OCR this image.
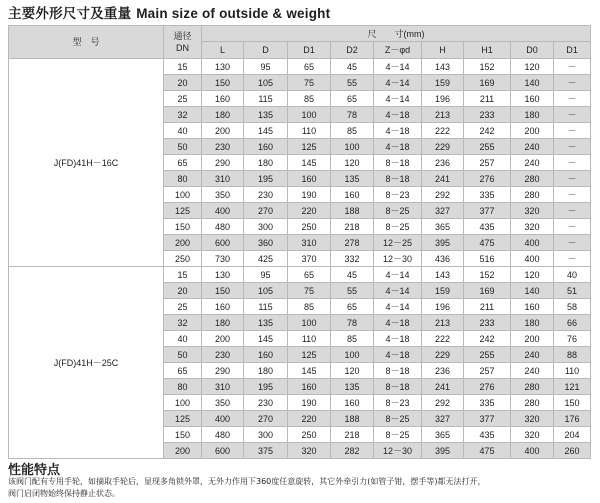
主要外形尺寸及重量 Main size of outside & weight
型　号	通径
DN	尺　　寸(mm)								
		L	D	D1	D2	Z－φd	H	H1	D0	D1
J(FD)41H－16C	15	130	95	65	45	4－14	143	152	120	－
	20	150	105	75	55	4－14	159	169	140	－
	25	160	115	85	65	4－14	196	211	160	－
	32	180	135	100	78	4－18	213	233	180	－
	40	200	145	110	85	4－18	222	242	200	－
	50	230	160	125	100	4－18	229	255	240	－
	65	290	180	145	120	8－18	236	257	240	－
	80	310	195	160	135	8－18	241	276	280	－
	100	350	230	190	160	8－23	292	335	280	－
	125	400	270	220	188	8－25	327	377	320	－
	150	480	300	250	218	8－25	365	435	320	－
	200	600	360	310	278	12－25	395	475	400	－
	250	730	425	370	332	12－30	436	516	400	－
J(FD)41H－25C	15	130	95	65	45	4－14	143	152	120	40
	20	150	105	75	55	4－14	159	169	140	51
	25	160	115	85	65	4－14	196	211	160	58
	32	180	135	100	78	4－18	213	233	180	66
	40	200	145	110	85	4－18	222	242	200	76
	50	230	160	125	100	4－18	229	255	240	88
	65	290	180	145	120	8－18	236	257	240	110
	80	310	195	160	135	8－18	241	276	280	121
	100	350	230	190	160	8－23	292	335	280	150
	125	400	270	220	188	8－25	327	377	320	176
	150	480	300	250	218	8－25	365	435	320	204
	200	600	375	320	282	12－30	395	475	400	260
性能特点
该阀门配有专用手轮，如摘取手轮后，显现多角锁外罩，无外力作用下360度任意旋转，其它外牵引力(如管子钳，摆手等)都无法打开，
阀门启闭物始终保持静止状态。
